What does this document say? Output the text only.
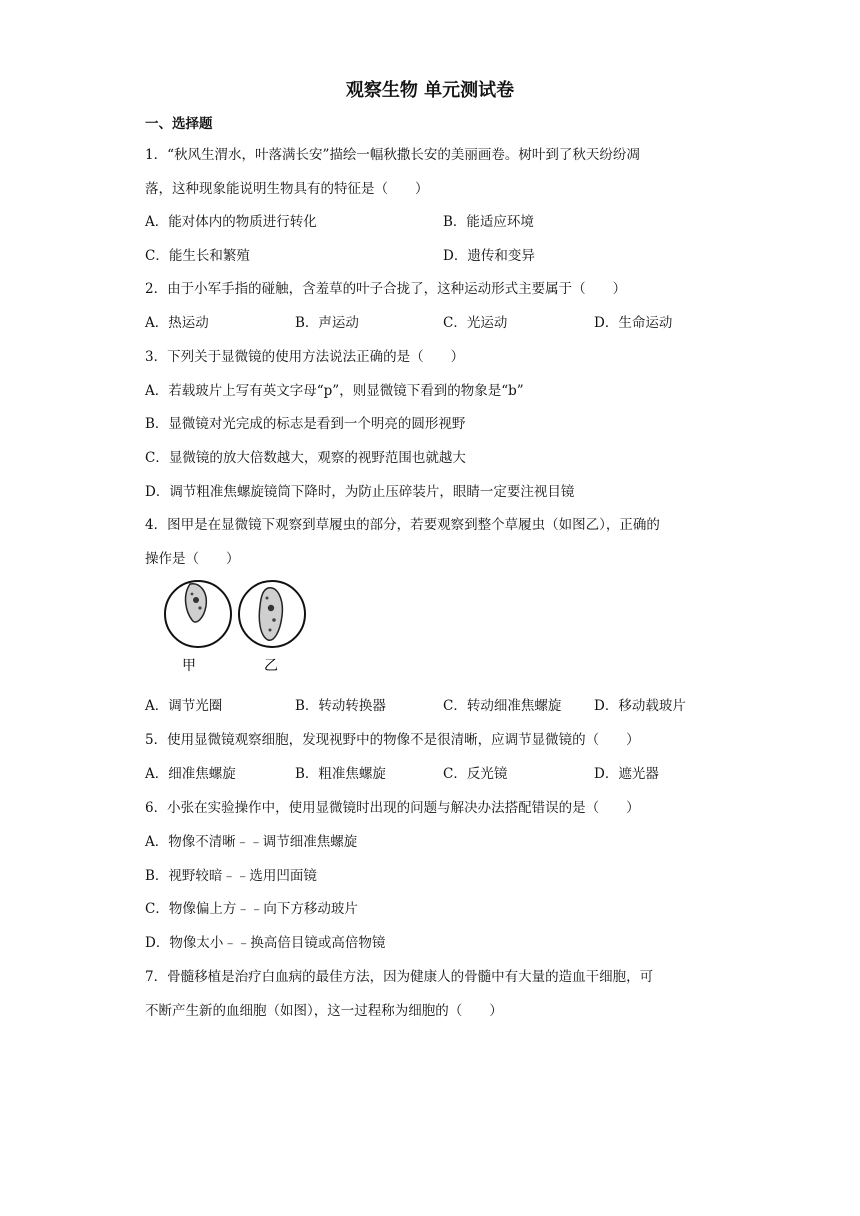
观察生物 单元测试卷
一、选择题
1．“秋风生渭水，叶落满长安”描绘一幅秋撒长安的美丽画卷。树叶到了秋天纷纷凋
落，这种现象能说明生物具有的特征是（　　）
A．能对体内的物质进行转化	B．能适应环境
C．能生长和繁殖	D．遗传和变异
2．由于小军手指的碰触，含羞草的叶子合拢了，这种运动形式主要属于（　　）
A．热运动	B．声运动	C．光运动	D．生命运动
3．下列关于显微镜的使用方法说法正确的是（　　）
A．若载玻片上写有英文字母“p”，则显微镜下看到的物象是“b”
B．显微镜对光完成的标志是看到一个明亮的圆形视野
C．显微镜的放大倍数越大，观察的视野范围也就越大
D．调节粗准焦螺旋镜筒下降时，为防止压碎装片，眼睛一定要注视目镜
4．图甲是在显微镜下观察到草履虫的部分，若要观察到整个草履虫（如图乙），正确的
操作是（　　）
甲	乙
A．调节光圈	B．转动转换器	C．转动细准焦螺旋 D．移动载玻片
5．使用显微镜观察细胞，发现视野中的物像不是很清晰，应调节显微镜的（　　）
A．细准焦螺旋	B．粗准焦螺旋	C．反光镜	D．遮光器
6．小张在实验操作中，使用显微镜时出现的问题与解决办法搭配错误的是（　　）
A．物像不清晰﹣﹣调节细准焦螺旋
B．视野较暗﹣﹣选用凹面镜
C．物像偏上方﹣﹣向下方移动玻片
D．物像太小﹣﹣换高倍目镜或高倍物镜
7．骨髓移植是治疗白血病的最佳方法，因为健康人的骨髓中有大量的造血干细胞，可
不断产生新的血细胞（如图），这一过程称为细胞的（　　）
